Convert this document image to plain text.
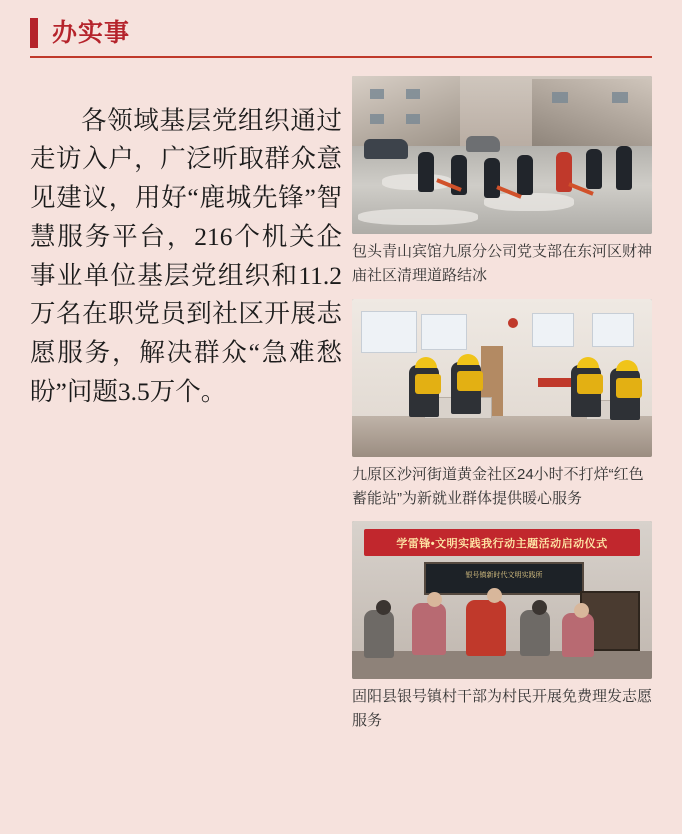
办实事

各领域基层党组织通过走访入户，广泛听取群众意见建议，用好“鹿城先锋”智慧服务平台，216个机关企事业单位基层党组织和11.2万名在职党员到社区开展志愿服务，解决群众“急难愁盼”问题3.5万个。

包头青山宾馆九原分公司党支部在东河区财神庙社区清理道路结冰
九原区沙河街道黄金社区24小时不打烊“红色蓄能站”为新就业群体提供暖心服务
学雷锋•文明实践我行动主题活动启动仪式
银号镇新时代文明实践所
固阳县银号镇村干部为村民开展免费理发志愿服务
